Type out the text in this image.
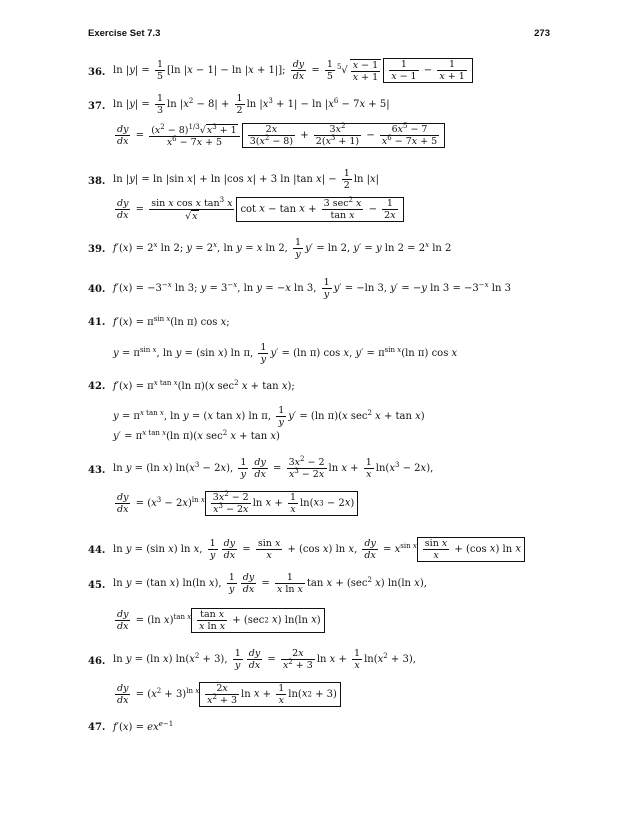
Exercise Set 7.3	273
36. $\ln |y| = \frac{1}{5} [\ln$ |x − 1| − ln |x + 1|]; $\frac{dy}{dx} = \frac{1}{5} ^5√ \frac{x - 1}{x + 1} \frac{1}{x - 1} - \frac{1}{x + 1}$
37. $\ln |y| = \frac{1}{3}$ $\ln |x^2 - 8| + \frac{1}{2}$ $\ln |x^3 + 1| - \ln |x^6 - 7x + 5|$
$\frac{dy}{dx} = \frac{(x^2 - 8)^{1/3}√x^3 + 1}{x^6 - 7x + 5} \frac{2x}{3(x^2 - 8)} + \frac{3x^2}{2(x^3 + 1)} - \frac{6x^5 - 7}{x^6 - 7x + 5}$
38. ln |y| = ln |sin x| + ln |cos x| + 3 ln |tan $x| - \frac{1}{2}$ ln |x|
$\frac{dy}{dx} = \frac{\sin x \cos x \tan^3 x}{√x}$ $\cot x - \tan x + \frac{3 \sec^2 x}{\text{tan x}} - \frac{1}{2x}$
39. $f'(x) = 2^x$ ln 2; $y = 2^x$, ln y = x ln 2, $\frac{1}{y} y' = \ln 2$, y′ = y $\ln 2 = 2^x$ ln 2
40. $f'(x) = -3^{-x}$ ln 3; $y = 3^{-x}$, ln y = −x ln 3, $\frac{1}{y} y' = -\ln$ 3, y′ = −y $\ln 3 = -3^{-x}$ ln 3
41. $f'(x) = \pi^{sin x}(\ln$ π) cos x;
$y = \pi^{sin x}$, ln y = (sin x) ln π, $\frac{1}{y} y' = (\ln$ π) cos x, $y' = \pi^{sin x}(\ln$ π) cos x
42. $f'(x) = \pi^{x tan x}(\ln$ π)(x $\sec^2 x + \tan x$);
$y = \pi^{x tan x}$, ln y = (x tan x) ln π, $\frac{1}{y} y' = (\ln$ π)(x $\sec^2 x + \tan x$)
$y' = \pi^{x tan x}(\ln$ π)(x $\sec^2 x + \tan x$)
43. ln y = (ln x) $\ln(x^3 - 2x)$, $\frac{1}{y} \frac{dy}{dx} = \frac{3x^2 - 2}{x^3 - 2x}$ $\ln x + \frac{1}{x} \ln(x^3 - 2x)$,
$\frac{dy}{dx} = (x^3 - 2x)^{ln x} \frac{3x^2 - 2}{x^3 - 2x}$ $\ln x + \frac{1}{x} \ln(x3 - 2x)$
44. ln y = (sin x) ln x, $\frac{1}{y} \frac{dy}{dx} = \frac{\text{sin x}}{x} + (\cos$ x) ln x, $\frac{dy}{dx} = x^{sin x} \frac{\text{sin x}}{x} + (\cos$ x) ln x
45. ln y = (tan x) ln(ln x), $\frac{1}{y} \frac{dy}{dx} = \frac{1}{\text{x ln x}}$ $\tan x + (\sec^2$ x) ln(ln x),
$\frac{dy}{dx} = (\ln$ $x)^{tan x} \frac{\text{tan x}}{\text{x ln x}} + (\sec 2$ x) ln(ln x)
46. ln y = (ln x) $\ln(x^2 + 3)$, $\frac{1}{y} \frac{dy}{dx} = \frac{2x}{x^2 + 3}$ $\ln x + \frac{1}{x} \ln(x^2 + 3)$,
$\frac{dy}{dx} = (x^2 + 3)^{ln x} \frac{2x}{x^2 + 3}$ $\ln x + \frac{1}{x} \ln(x2 + 3)$
47. $f'(x) = ex^{e-1}$
